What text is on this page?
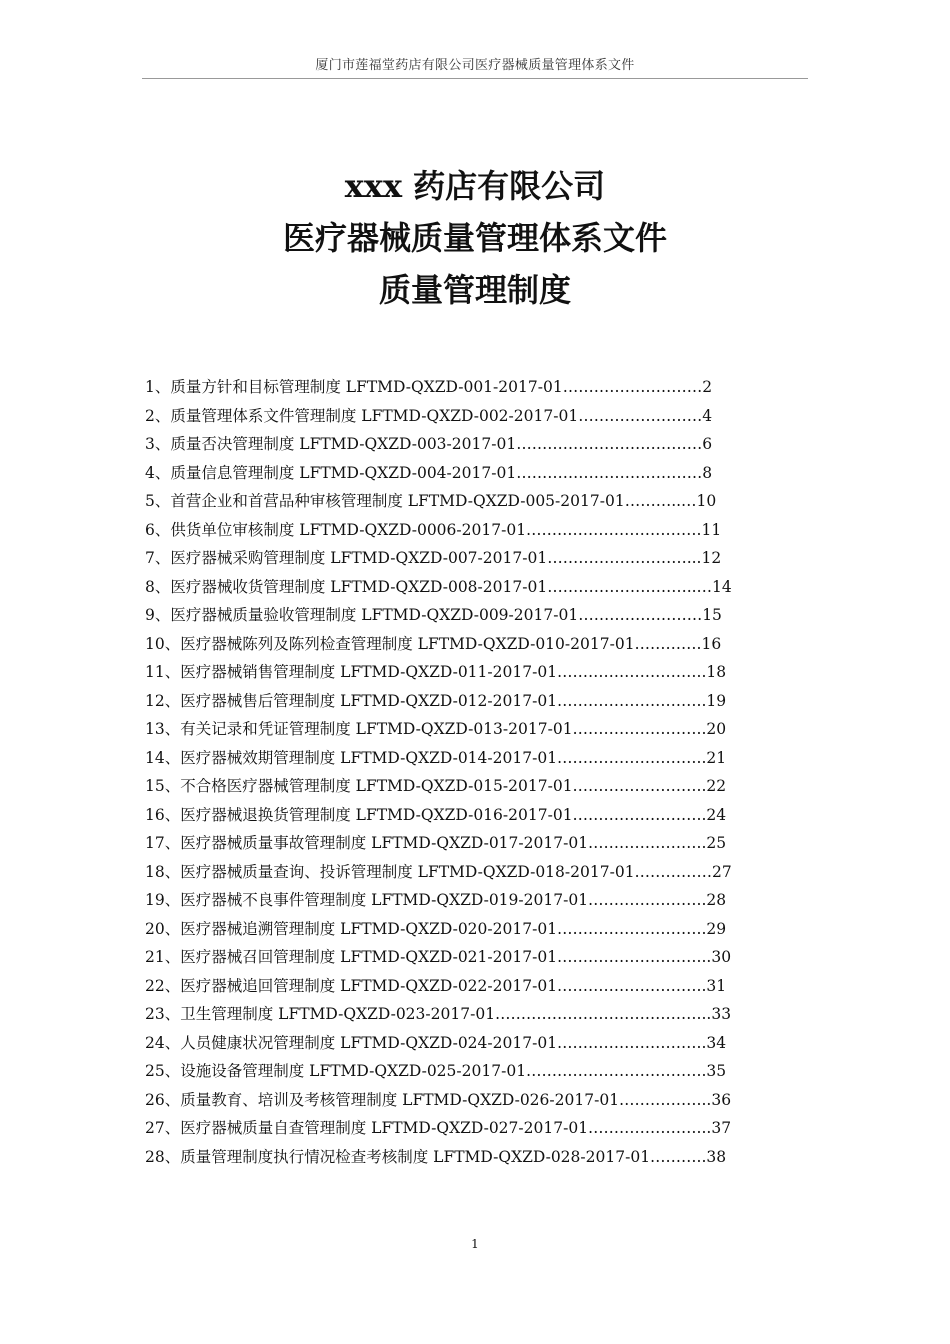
厦门市莲福堂药店有限公司医疗器械质量管理体系文件
xxx 药店有限公司
医疗器械质量管理体系文件
质量管理制度
1、质量方针和目标管理制度 LFTMD-QXZD-001-2017-01………………………2
2、质量管理体系文件管理制度 LFTMD-QXZD-002-2017-01……………………4
3、质量否决管理制度 LFTMD-QXZD-003-2017-01………………………………6
4、质量信息管理制度 LFTMD-QXZD-004-2017-01………………………………8
5、首营企业和首营品种审核管理制度 LFTMD-QXZD-005-2017-01………..…10
6、供货单位审核制度 LFTMD-QXZD-0006-2017-01…………………………….11
7、医疗器械采购管理制度 LFTMD-QXZD-007-2017-01………………………...12
8、医疗器械收货管理制度 LFTMD-QXZD-008-2017-01………………………..…14
9、医疗器械质量验收管理制度 LFTMD-QXZD-009-2017-01……………………15
10、医疗器械陈列及陈列检查管理制度 LFTMD-QXZD-010-2017-01………….16
11、医疗器械销售管理制度 LFTMD-QXZD-011-2017-01………………………..18
12、医疗器械售后管理制度 LFTMD-QXZD-012-2017-01………………………..19
13、有关记录和凭证管理制度 LFTMD-QXZD-013-2017-01……………………..20
14、医疗器械效期管理制度 LFTMD-QXZD-014-2017-01………………………..21
15、不合格医疗器械管理制度 LFTMD-QXZD-015-2017-01……………………..22
16、医疗器械退换货管理制度 LFTMD-QXZD-016-2017-01……………………..24
17、医疗器械质量事故管理制度 LFTMD-QXZD-017-2017-01…………………..25
18、医疗器械质量查询、投诉管理制度 LFTMD-QXZD-018-2017-01……………27
19、医疗器械不良事件管理制度 LFTMD-QXZD-019-2017-01…………………..28
20、医疗器械追溯管理制度 LFTMD-QXZD-020-2017-01………………………..29
21、医疗器械召回管理制度 LFTMD-QXZD-021-2017-01………………………...30
22、医疗器械追回管理制度 LFTMD-QXZD-022-2017-01………………………..31
23、卫生管理制度 LFTMD-QXZD-023-2017-01…………………………………...33
24、人员健康状况管理制度 LFTMD-QXZD-024-2017-01………………………..34
25、设施设备管理制度 LFTMD-QXZD-025-2017-01……………………………..35
26、质量教育、培训及考核管理制度 LFTMD-QXZD-026-2017-01……………...36
27、医疗器械质量自查管理制度 LFTMD-QXZD-027-2017-01…………………...37
28、质量管理制度执行情况检查考核制度 LFTMD-QXZD-028-2017-01………..38
1
